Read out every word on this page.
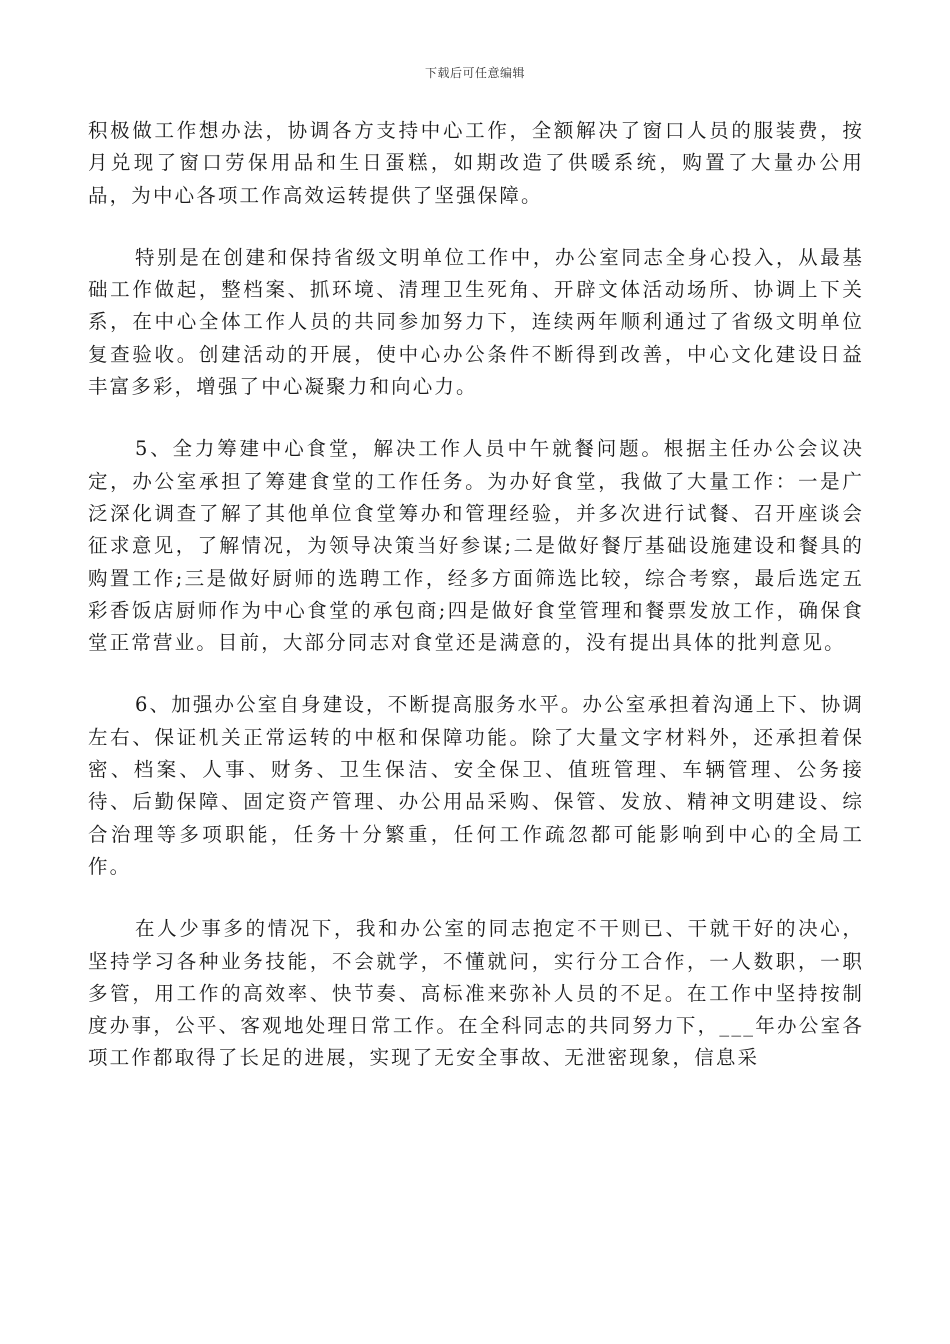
下载后可任意编辑

积极做工作想办法，协调各方支持中心工作，全额解决了窗口人员的服装费，按月兑现了窗口劳保用品和生日蛋糕，如期改造了供暖系统，购置了大量办公用品，为中心各项工作高效运转提供了坚强保障。

特别是在创建和保持省级文明单位工作中，办公室同志全身心投入，从最基础工作做起，整档案、抓环境、清理卫生死角、开辟文体活动场所、协调上下关系，在中心全体工作人员的共同参加努力下，连续两年顺利通过了省级文明单位复查验收。创建活动的开展，使中心办公条件不断得到改善，中心文化建设日益丰富多彩，增强了中心凝聚力和向心力。

5、全力筹建中心食堂，解决工作人员中午就餐问题。根据主任办公会议决定，办公室承担了筹建食堂的工作任务。为办好食堂，我做了大量工作：一是广泛深化调查了解了其他单位食堂筹办和管理经验，并多次进行试餐、召开座谈会征求意见，了解情况，为领导决策当好参谋;二是做好餐厅基础设施建设和餐具的购置工作;三是做好厨师的选聘工作，经多方面筛选比较，综合考察，最后选定五彩香饭店厨师作为中心食堂的承包商;四是做好食堂管理和餐票发放工作，确保食堂正常营业。目前，大部分同志对食堂还是满意的，没有提出具体的批判意见。

6、加强办公室自身建设，不断提高服务水平。办公室承担着沟通上下、协调左右、保证机关正常运转的中枢和保障功能。除了大量文字材料外，还承担着保密、档案、人事、财务、卫生保洁、安全保卫、值班管理、车辆管理、公务接待、后勤保障、固定资产管理、办公用品采购、保管、发放、精神文明建设、综合治理等多项职能，任务十分繁重，任何工作疏忽都可能影响到中心的全局工作。

在人少事多的情况下，我和办公室的同志抱定不干则已、干就干好的决心，坚持学习各种业务技能，不会就学，不懂就问，实行分工合作，一人数职，一职多管，用工作的高效率、快节奏、高标准来弥补人员的不足。在工作中坚持按制度办事，公平、客观地处理日常工作。在全科同志的共同努力下，___年办公室各项工作都取得了长足的进展，实现了无安全事故、无泄密现象，信息采
